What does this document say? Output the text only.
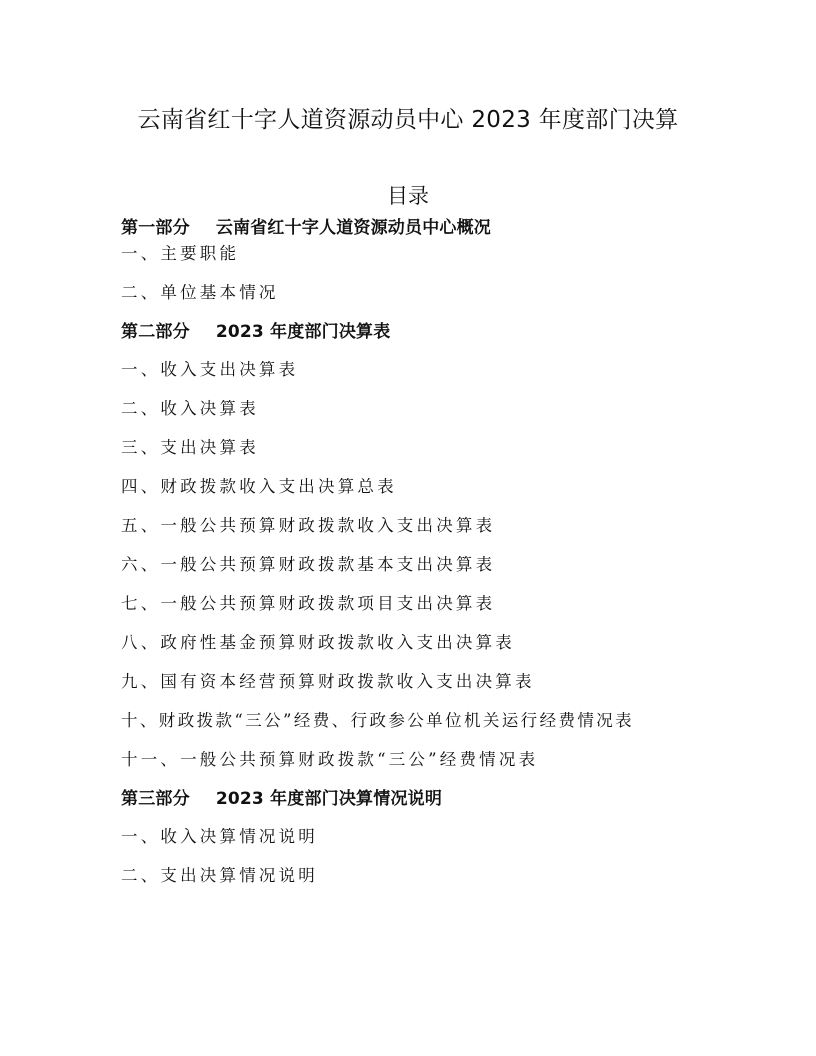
云南省红十字人道资源动员中心 2023 年度部门决算
目录
第一部分 云南省红十字人道资源动员中心概况
一、主要职能
二、单位基本情况
第二部分 2023 年度部门决算表
一、收入支出决算表
二、收入决算表
三、支出决算表
四、财政拨款收入支出决算总表
五、一般公共预算财政拨款收入支出决算表
六、一般公共预算财政拨款基本支出决算表
七、一般公共预算财政拨款项目支出决算表
八、政府性基金预算财政拨款收入支出决算表
九、国有资本经营预算财政拨款收入支出决算表
十、财政拨款“三公”经费、行政参公单位机关运行经费情况表
十一、一般公共预算财政拨款“三公”经费情况表
第三部分 2023 年度部门决算情况说明
一、收入决算情况说明
二、支出决算情况说明
